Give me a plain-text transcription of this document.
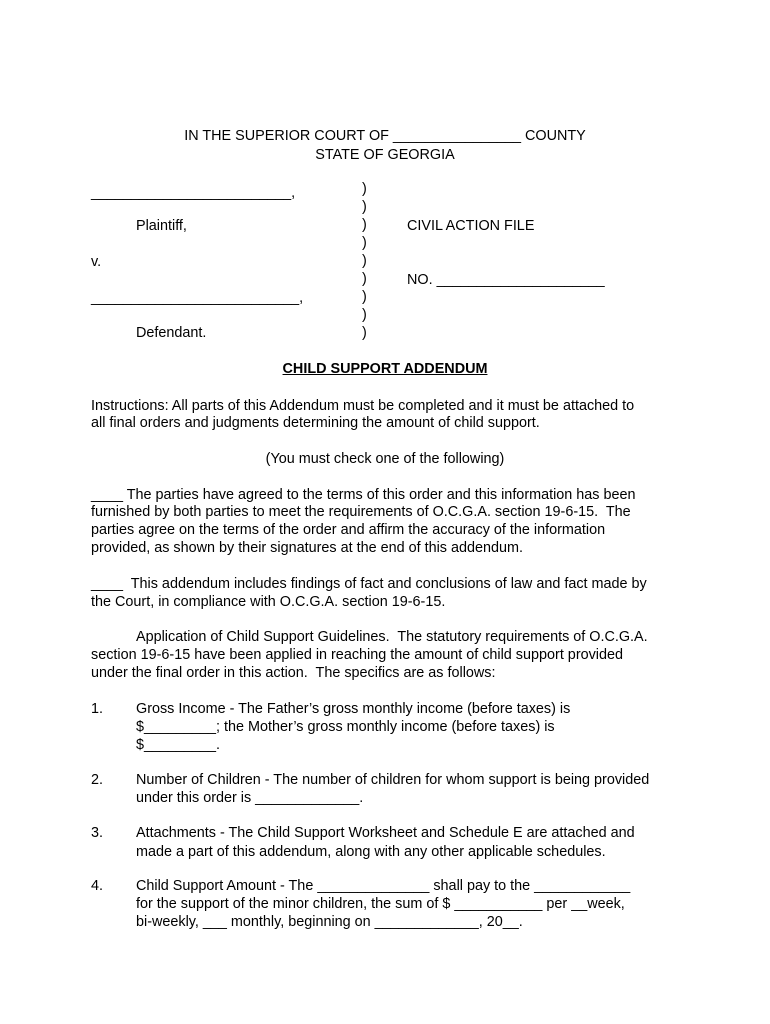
IN THE SUPERIOR COURT OF ________________ COUNTY
STATE OF GEORGIA
_________________________,
Plaintiff,
v.
__________________________,
Defendant.
)
)
)
)
)
)
)
)
)
CIVIL ACTION FILE
NO. _____________________
CHILD SUPPORT ADDENDUM
Instructions: All parts of this Addendum must be completed and it must be attached to
all final orders and judgments determining the amount of child support.
(You must check one of the following)
____ The parties have agreed to the terms of this order and this information has been
furnished by both parties to meet the requirements of O.C.G.A. section 19-6-15.  The
parties agree on the terms of the order and affirm the accuracy of the information
provided, as shown by their signatures at the end of this addendum.
____  This addendum includes findings of fact and conclusions of law and fact made by
the Court, in compliance with O.C.G.A. section 19-6-15.
Application of Child Support Guidelines.  The statutory requirements of O.C.G.A.
section 19-6-15 have been applied in reaching the amount of child support provided
under the final order in this action.  The specifics are as follows:
1. Gross Income - The Father’s gross monthly income (before taxes) is
$_________; the Mother’s gross monthly income (before taxes) is
$_________.
2. Number of Children - The number of children for whom support is being provided
under this order is _____________.
3. Attachments - The Child Support Worksheet and Schedule E are attached and
made a part of this addendum, along with any other applicable schedules.
4. Child Support Amount - The ______________ shall pay to the ____________
for the support of the minor children, the sum of $ ___________ per __week,
bi-weekly, ___ monthly, beginning on _____________, 20__.
